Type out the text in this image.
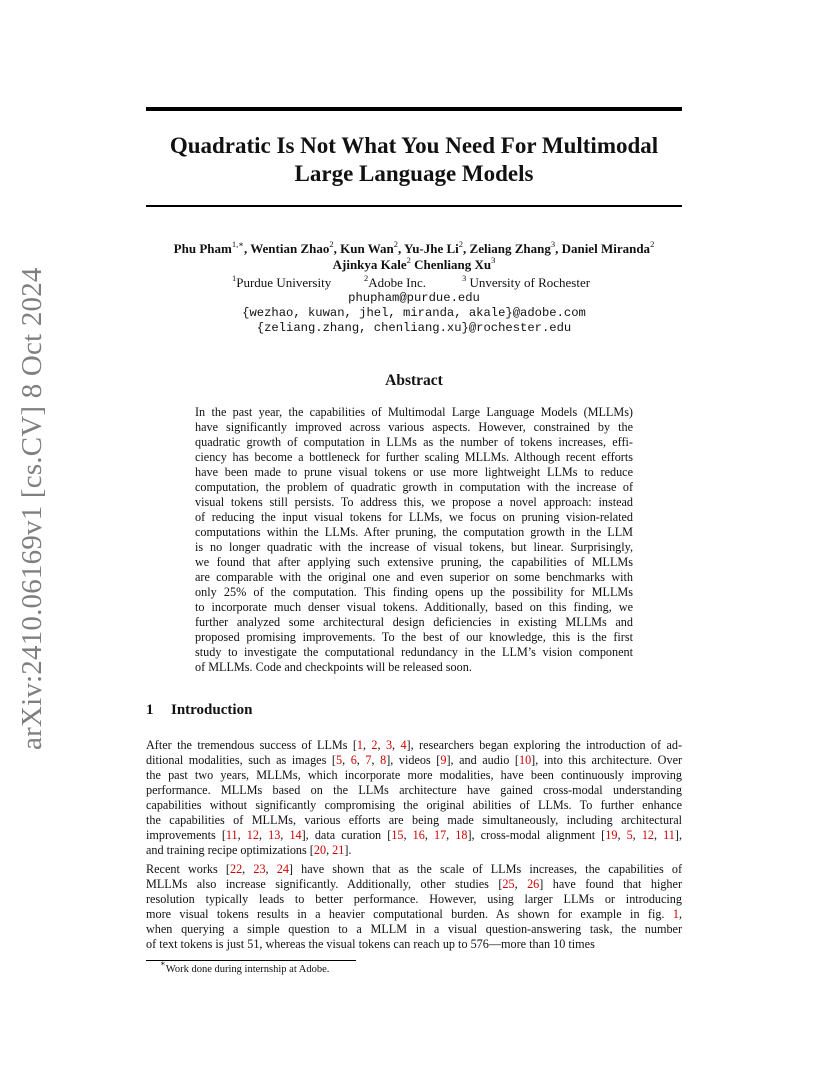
arXiv:2410.06169v1 [cs.CV] 8 Oct 2024
Quadratic Is Not What You Need For Multimodal
Large Language Models
Phu Pham$^{1,∗}$, Wentian Zhao$^2$, Kun Wan$^2$, Yu-Jhe Li$^2$, Zeliang Zhang$^3$, Daniel Miranda$^2$
Ajinkya Kale$^2$ Chenliang Xu$^3$
$^1$Purdue University	$^2$Adobe Inc.	$^3$ Unversity of Rochester
phupham@purdue.edu
{wezhao, kuwan, jhel, miranda, akale}@adobe.com
{zeliang.zhang, chenliang.xu}@rochester.edu
Abstract
In the past year, the capabilities of Multimodal Large Language Models (MLLMs)
have significantly improved across various aspects. However, constrained by the
quadratic growth of computation in LLMs as the number of tokens increases, effi-
ciency has become a bottleneck for further scaling MLLMs. Although recent efforts
have been made to prune visual tokens or use more lightweight LLMs to reduce
computation, the problem of quadratic growth in computation with the increase of
visual tokens still persists. To address this, we propose a novel approach: instead
of reducing the input visual tokens for LLMs, we focus on pruning vision-related
computations within the LLMs. After pruning, the computation growth in the LLM
is no longer quadratic with the increase of visual tokens, but linear. Surprisingly,
we found that after applying such extensive pruning, the capabilities of MLLMs
are comparable with the original one and even superior on some benchmarks with
only 25% of the computation. This finding opens up the possibility for MLLMs
to incorporate much denser visual tokens. Additionally, based on this finding, we
further analyzed some architectural design deficiencies in existing MLLMs and
proposed promising improvements. To the best of our knowledge, this is the first
study to investigate the computational redundancy in the LLM’s vision component
of MLLMs. Code and checkpoints will be released soon.
1 Introduction
After the tremendous success of LLMs [1, 2, 3, 4], researchers began exploring the introduction of ad-
ditional modalities, such as images [5, 6, 7, 8], videos [9], and audio [10], into this architecture. Over
the past two years, MLLMs, which incorporate more modalities, have been continuously improving
performance. MLLMs based on the LLMs architecture have gained cross-modal understanding
capabilities without significantly compromising the original abilities of LLMs. To further enhance
the capabilities of MLLMs, various efforts are being made simultaneously, including architectural
improvements [11, 12, 13, 14], data curation [15, 16, 17, 18], cross-modal alignment [19, 5, 12, 11],
and training recipe optimizations [20, 21].
Recent works [22, 23, 24] have shown that as the scale of LLMs increases, the capabilities of
MLLMs also increase significantly. Additionally, other studies [25, 26] have found that higher
resolution typically leads to better performance. However, using larger LLMs or introducing
more visual tokens results in a heavier computational burden. As shown for example in fig. 1,
when querying a simple question to a MLLM in a visual question-answering task, the number
of text tokens is just 51, whereas the visual tokens can reach up to 576—more than 10 times
∗Work done during internship at Adobe.
